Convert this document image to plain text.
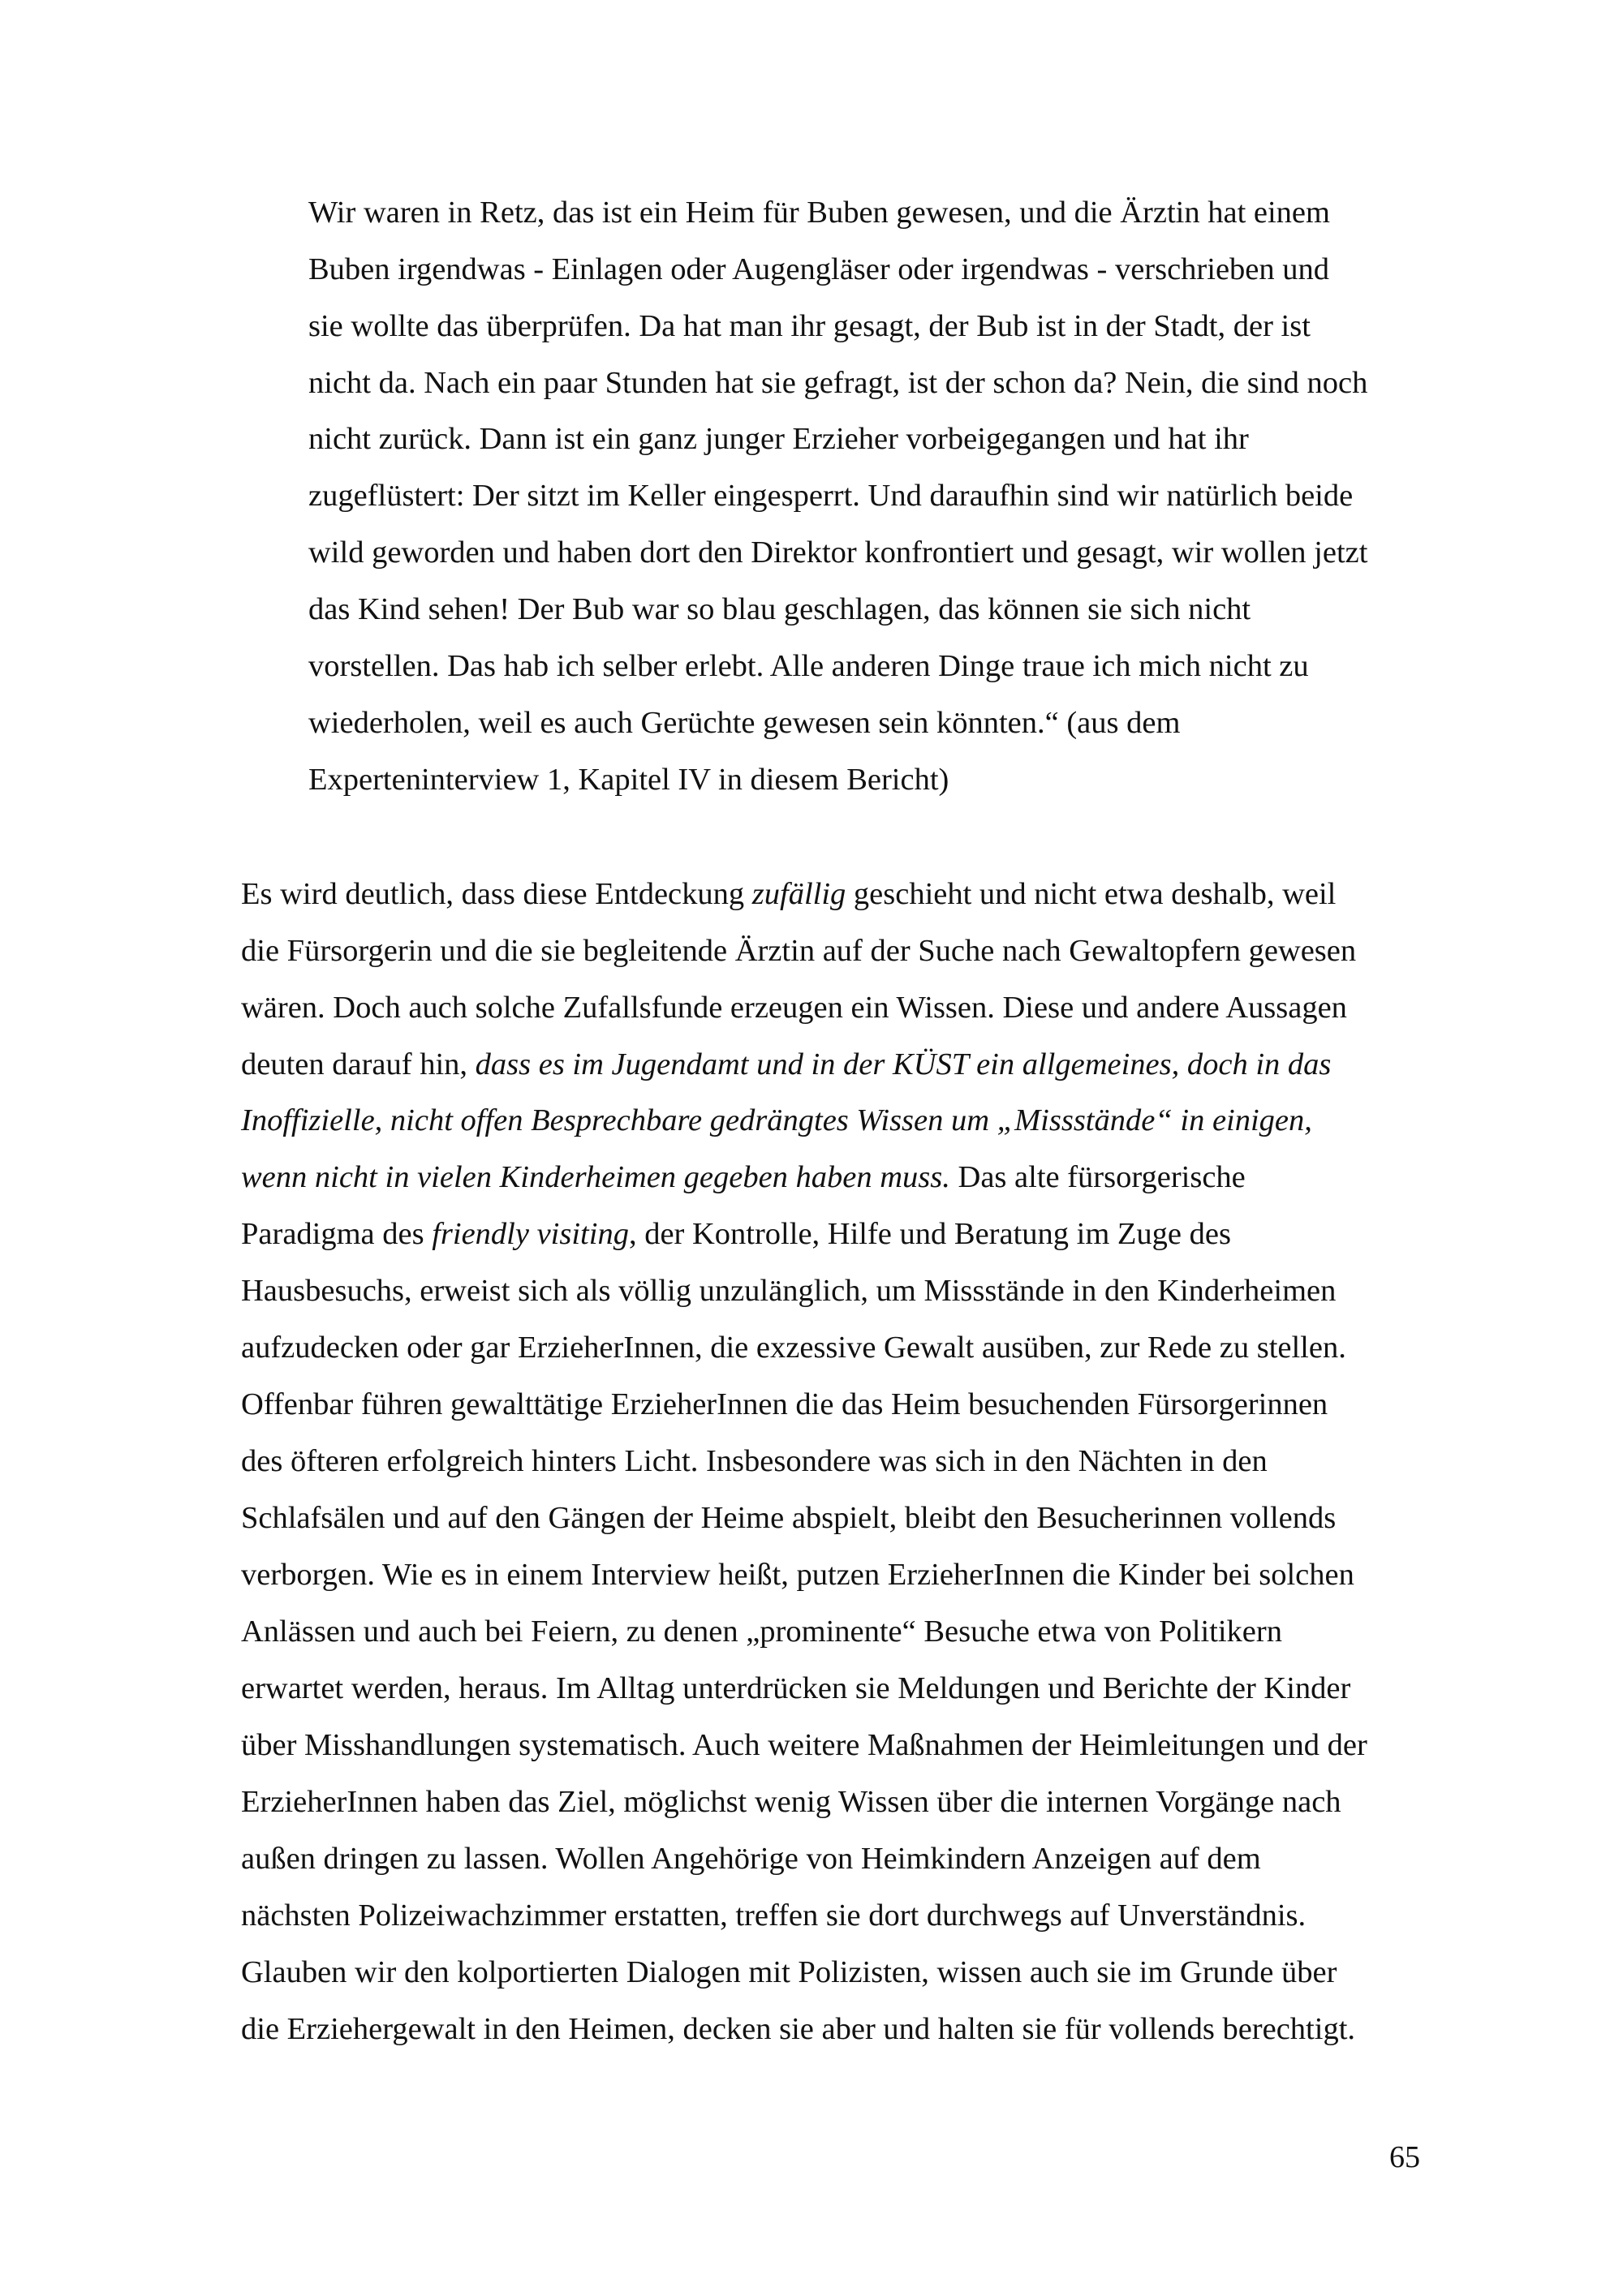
Wir waren in Retz, das ist ein Heim für Buben gewesen, und die Ärztin hat einem
Buben irgendwas - Einlagen oder Augengläser oder irgendwas - verschrieben und
sie wollte das überprüfen. Da hat man ihr gesagt, der Bub ist in der Stadt, der ist
nicht da. Nach ein paar Stunden hat sie gefragt, ist der schon da? Nein, die sind noch
nicht zurück. Dann ist ein ganz junger Erzieher vorbeigegangen und hat ihr
zugeflüstert: Der sitzt im Keller eingesperrt. Und daraufhin sind wir natürlich beide
wild geworden und haben dort den Direktor konfrontiert und gesagt, wir wollen jetzt
das Kind sehen! Der Bub war so blau geschlagen, das können sie sich nicht
vorstellen. Das hab ich selber erlebt. Alle anderen Dinge traue ich mich nicht zu
wiederholen, weil es auch Gerüchte gewesen sein könnten.“ (aus dem
Experteninterview 1, Kapitel IV in diesem Bericht)
Es wird deutlich, dass diese Entdeckung zufällig geschieht und nicht etwa deshalb, weil
die Fürsorgerin und die sie begleitende Ärztin auf der Suche nach Gewaltopfern gewesen
wären. Doch auch solche Zufallsfunde erzeugen ein Wissen. Diese und andere Aussagen
deuten darauf hin, dass es im Jugendamt und in der KÜST ein allgemeines, doch in das
Inoffizielle, nicht offen Besprechbare gedrängtes Wissen um „Missstände“ in einigen,
wenn nicht in vielen Kinderheimen gegeben haben muss. Das alte fürsorgerische
Paradigma des friendly visiting, der Kontrolle, Hilfe und Beratung im Zuge des
Hausbesuchs, erweist sich als völlig unzulänglich, um Missstände in den Kinderheimen
aufzudecken oder gar ErzieherInnen, die exzessive Gewalt ausüben, zur Rede zu stellen.
Offenbar führen gewalttätige ErzieherInnen die das Heim besuchenden Fürsorgerinnen
des öfteren erfolgreich hinters Licht. Insbesondere was sich in den Nächten in den
Schlafsälen und auf den Gängen der Heime abspielt, bleibt den Besucherinnen vollends
verborgen. Wie es in einem Interview heißt, putzen ErzieherInnen die Kinder bei solchen
Anlässen und auch bei Feiern, zu denen „prominente“ Besuche etwa von Politikern
erwartet werden, heraus. Im Alltag unterdrücken sie Meldungen und Berichte der Kinder
über Misshandlungen systematisch. Auch weitere Maßnahmen der Heimleitungen und der
ErzieherInnen haben das Ziel, möglichst wenig Wissen über die internen Vorgänge nach
außen dringen zu lassen. Wollen Angehörige von Heimkindern Anzeigen auf dem
nächsten Polizeiwachzimmer erstatten, treffen sie dort durchwegs auf Unverständnis.
Glauben wir den kolportierten Dialogen mit Polizisten, wissen auch sie im Grunde über
die Erziehergewalt in den Heimen, decken sie aber und halten sie für vollends berechtigt.
65
